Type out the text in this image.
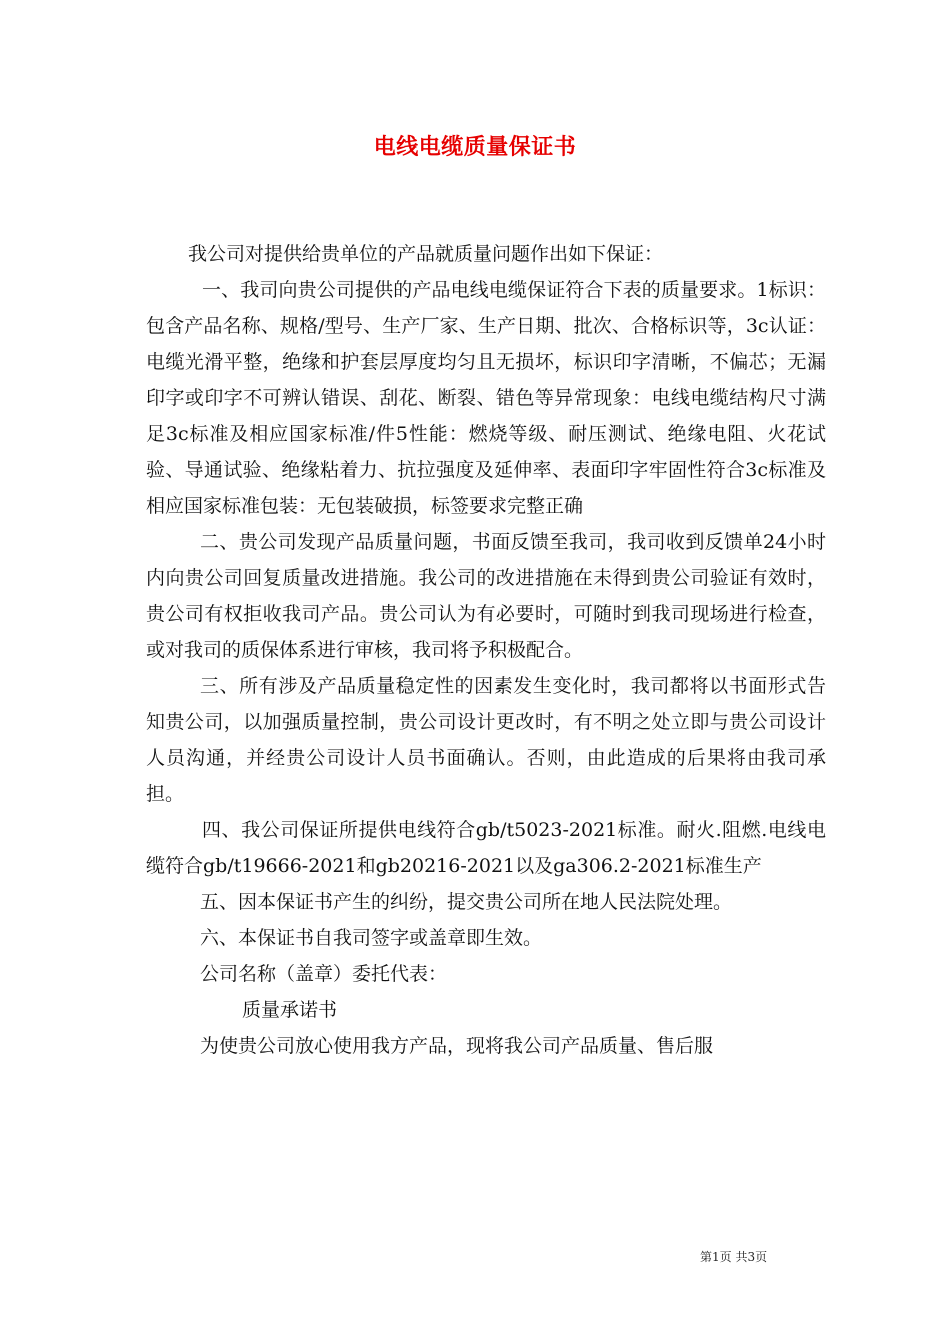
电线电缆质量保证书

我公司对提供给贵单位的产品就质量问题作出如下保证：

一、我司向贵公司提供的产品电线电缆保证符合下表的质量要求。1标识：包含产品名称、规格/型号、生产厂家、生产日期、批次、合格标识等，3c认证：电缆光滑平整，绝缘和护套层厚度均匀且无损坏，标识印字清晰，不偏芯；无漏印字或印字不可辨认错误、刮花、断裂、错色等异常现象：电线电缆结构尺寸满足3c标准及相应国家标准/件5性能：燃烧等级、耐压测试、绝缘电阻、火花试验、导通试验、绝缘粘着力、抗拉强度及延伸率、表面印字牢固性符合3c标准及相应国家标准包装：无包装破损，标签要求完整正确

二、贵公司发现产品质量问题，书面反馈至我司，我司收到反馈单24小时内向贵公司回复质量改进措施。我公司的改进措施在未得到贵公司验证有效时，贵公司有权拒收我司产品。贵公司认为有必要时，可随时到我司现场进行检查，或对我司的质保体系进行审核，我司将予积极配合。

三、所有涉及产品质量稳定性的因素发生变化时，我司都将以书面形式告知贵公司，以加强质量控制，贵公司设计更改时，有不明之处立即与贵公司设计人员沟通，并经贵公司设计人员书面确认。否则，由此造成的后果将由我司承担。

四、我公司保证所提供电线符合gb/t5023-2021标准。耐火.阻燃.电线电缆符合gb/t19666-2021和gb20216-2021以及ga306.2-2021标准生产

五、因本保证书产生的纠纷，提交贵公司所在地人民法院处理。

六、本保证书自我司签字或盖章即生效。

公司名称（盖章）委托代表：

质量承诺书

为使贵公司放心使用我方产品，现将我公司产品质量、售后服

第1页 共3页
